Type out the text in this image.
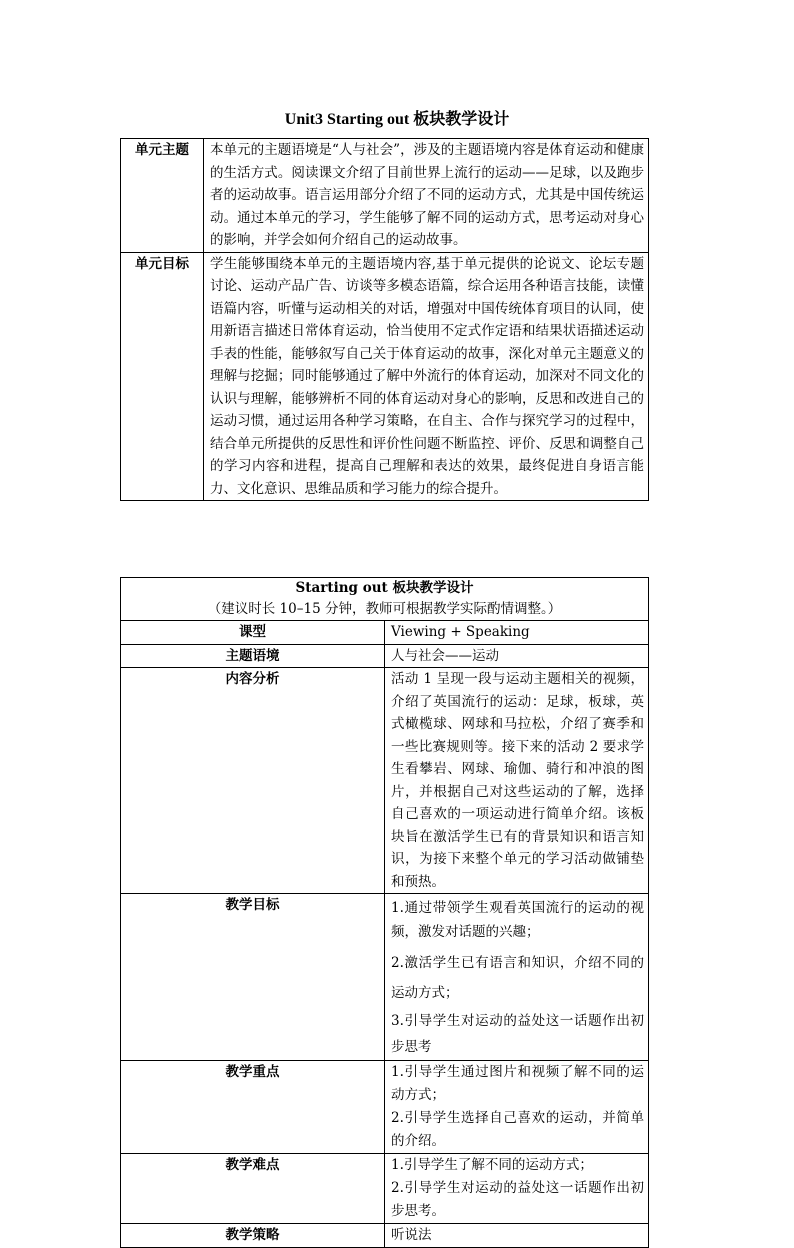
Unit3 Starting out 板块教学设计
单元主题	本单元的主题语境是“人与社会”，涉及的主题语境内容是体育运动和健康的生活方式。阅读课文介绍了目前世界上流行的运动——足球，以及跑步者的运动故事。语言运用部分介绍了不同的运动方式，尤其是中国传统运动。通过本单元的学习，学生能够了解不同的运动方式，思考运动对身心的影响，并学会如何介绍自己的运动故事。
单元目标	学生能够围绕本单元的主题语境内容,基于单元提供的论说文、论坛专题讨论、运动产品广告、访谈等多模态语篇，综合运用各种语言技能，读懂语篇内容，听懂与运动相关的对话，增强对中国传统体育项目的认同，使用新语言描述日常体育运动，恰当使用不定式作定语和结果状语描述运动手表的性能，能够叙写自己关于体育运动的故事，深化对单元主题意义的理解与挖掘；同时能够通过了解中外流行的体育运动，加深对不同文化的认识与理解，能够辨析不同的体育运动对身心的影响，反思和改进自己的运动习惯，通过运用各种学习策略，在自主、合作与探究学习的过程中，结合单元所提供的反思性和评价性问题不断监控、评价、反思和调整自己的学习内容和进程，提高自己理解和表达的效果，最终促进自身语言能力、文化意识、思维品质和学习能力的综合提升。
Starting out 板块教学设计
（建议时长 10–15 分钟，教师可根据教学实际酌情调整。）	

课型	Viewing + Speaking
主题语境	人与社会——运动
内容分析	活动 1 呈现一段与运动主题相关的视频，介绍了英国流行的运动：足球，板球，英式橄榄球、网球和马拉松，介绍了赛季和一些比赛规则等。接下来的活动 2 要求学生看攀岩、网球、瑜伽、骑行和冲浪的图片，并根据自己对这些运动的了解，选择自己喜欢的一项运动进行简单介绍。该板块旨在激活学生已有的背景知识和语言知识，为接下来整个单元的学习活动做铺垫和预热。
教学目标	1.通过带领学生观看英国流行的运动的视频，激发对话题的兴趣；
2.激活学生已有语言和知识，介绍不同的运动方式；
3.引导学生对运动的益处这一话题作出初步思考

教学重点	1.引导学生通过图片和视频了解不同的运动方式；
2.引导学生选择自己喜欢的运动，并简单的介绍。

教学难点	1.引导学生了解不同的运动方式；
2.引导学生对运动的益处这一话题作出初步思考。

教学策略	听说法
